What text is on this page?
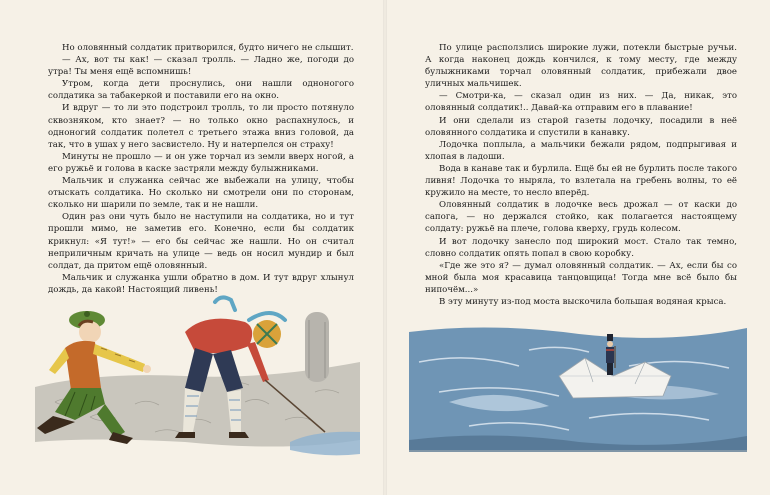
Но оловянный солдатик притворился, будто ничего не слышит.

— Ах, вот ты как! — сказал тролль. — Ладно же, погоди до утра! Ты меня ещё вспомнишь!

Утром, когда дети проснулись, они нашли одноногого солдатика за табакеркой и поставили его на окно.

И вдруг — то ли это подстроил тролль, то ли просто потянуло сквозняком, кто знает? — но только окно распахнулось, и одноногий солдатик полетел с третьего этажа вниз головой, да так, что в ушах у него засвистело. Ну и натерпелся он страху!

Минуты не прошло — и он уже торчал из земли вверх ногой, а его ружьё и голова в каске застряли между булыжниками.

Мальчик и служанка сейчас же выбежали на улицу, чтобы отыскать солдатика. Но сколько ни смотрели они по сторонам, сколько ни шарили по земле, так и не нашли.

Один раз они чуть было не наступили на солдатика, но и тут прошли мимо, не заметив его. Конечно, если бы солдатик крикнул: «Я тут!» — его бы сейчас же нашли. Но он считал неприличным кричать на улице — ведь он носил мундир и был солдат, да притом ещё оловянный.

Мальчик и служанка ушли обратно в дом. И тут вдруг хлынул дождь, да какой! Настоящий ливень!

По улице расползлись широкие лужи, потекли быстрые ручьи. А когда наконец дождь кончился, к тому месту, где между булыжниками торчал оловянный солдатик, прибежали двое уличных мальчишек.

— Смотри-ка, — сказал один из них. — Да, никак, это оловянный солдатик!.. Давай-ка отправим его в плавание!

И они сделали из старой газеты лодочку, посадили в неё оловянного солдатика и спустили в канавку.

Лодочка поплыла, а мальчики бежали рядом, подпрыгивая и хлопая в ладоши.

Вода в канаве так и бурлила. Ещё бы ей не бурлить после такого ливня! Лодочка то ныряла, то взлетала на гребень волны, то её кружило на месте, то несло вперёд.

Оловянный солдатик в лодочке весь дрожал — от каски до сапога, — но держался стойко, как полагается настоящему солдату: ружьё на плече, голова кверху, грудь колесом.

И вот лодочку занесло под широкий мост. Стало так темно, словно солдатик опять попал в свою коробку.

«Где же это я? — думал оловянный солдатик. — Ах, если бы со мной была моя красавица танцовщица! Тогда мне всё было бы нипочём...»

В эту минуту из-под моста выскочила большая водяная крыса.
